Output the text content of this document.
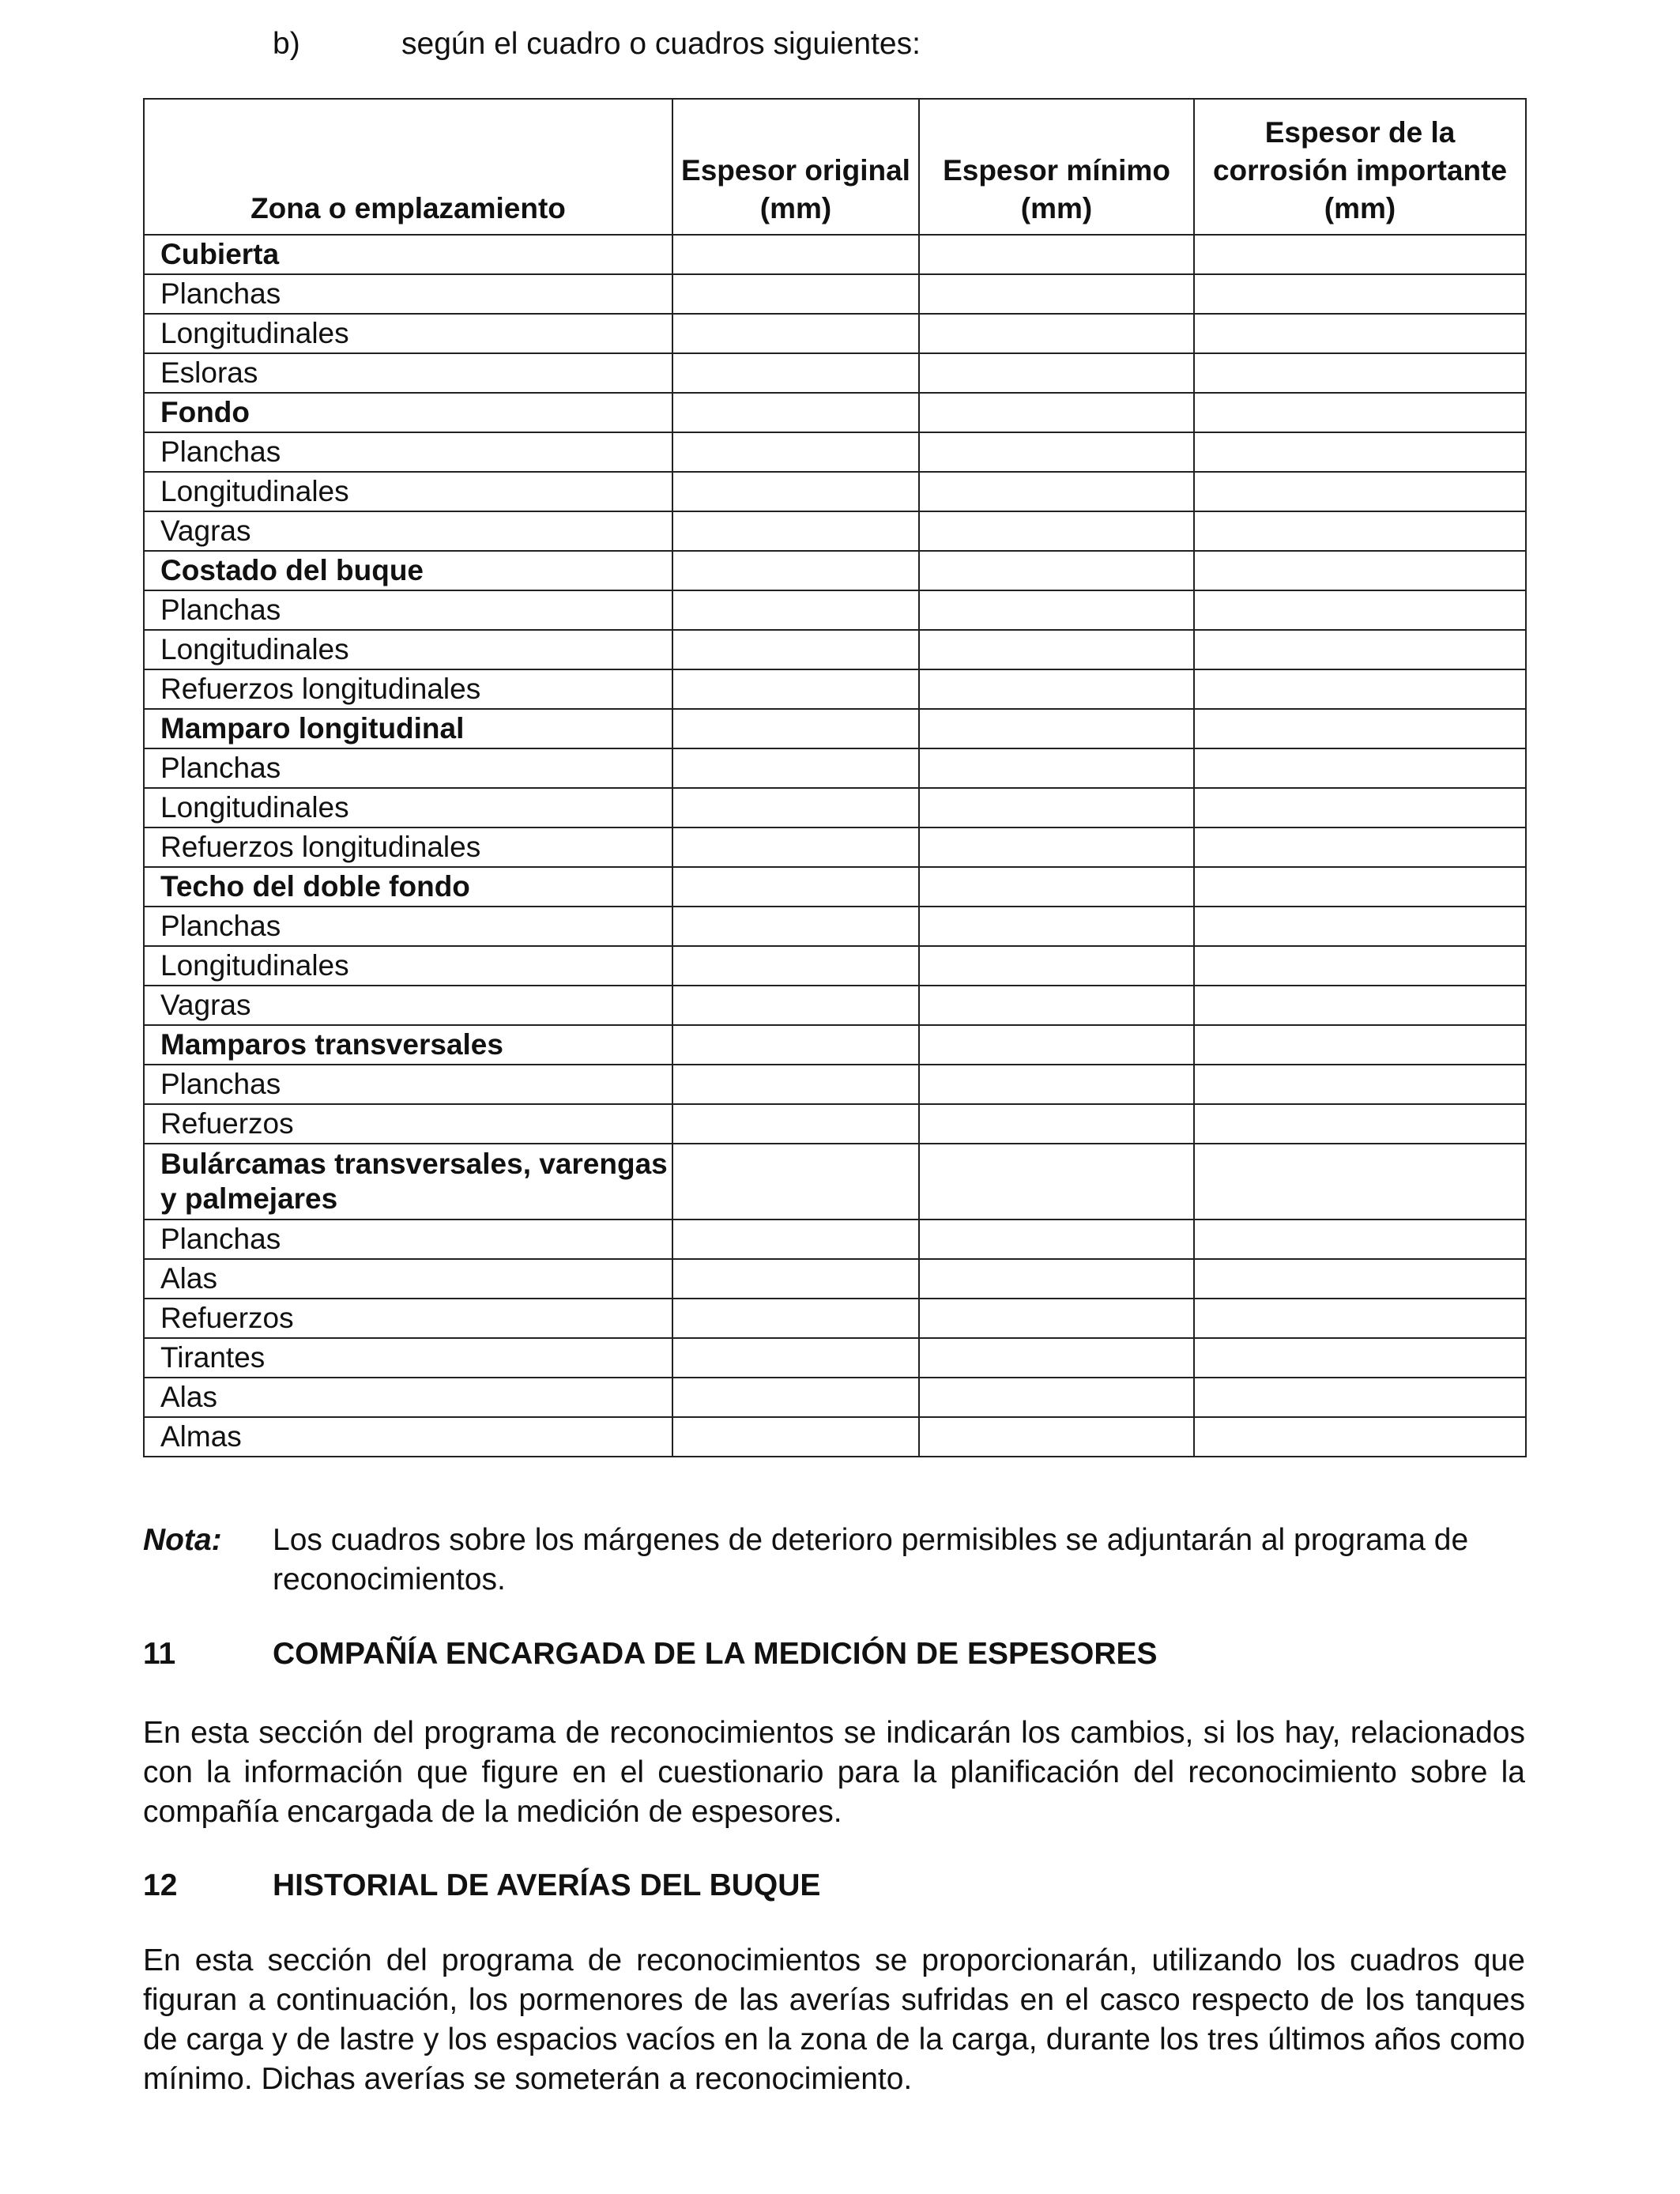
b)	según el cuadro o cuadros siguientes:
Zona o emplazamiento	Espesor original (mm)	Espesor mínimo (mm)	Espesor de la corrosión importante (mm)
Cubierta			
Planchas			
Longitudinales			
Esloras			
Fondo			
Planchas			
Longitudinales			
Vagras			
Costado del buque			
Planchas			
Longitudinales			
Refuerzos longitudinales			
Mamparo longitudinal			
Planchas			
Longitudinales			
Refuerzos longitudinales			
Techo del doble fondo			
Planchas			
Longitudinales			
Vagras			
Mamparos transversales			
Planchas			
Refuerzos			
Bulárcamas transversales, varengas y palmejares			
Planchas			
Alas			
Refuerzos			
Tirantes			
Alas			
Almas			
Nota: Los cuadros sobre los márgenes de deterioro permisibles se adjuntarán al programa de reconocimientos.
11	COMPAÑÍA ENCARGADA DE LA MEDICIÓN DE ESPESORES
En esta sección del programa de reconocimientos se indicarán los cambios, si los hay, relacionados con la información que figure en el cuestionario para la planificación del reconocimiento sobre la compañía encargada de la medición de espesores.
12	HISTORIAL DE AVERÍAS DEL BUQUE
En esta sección del programa de reconocimientos se proporcionarán, utilizando los cuadros que figuran a continuación, los pormenores de las averías sufridas en el casco respecto de los tanques de carga y de lastre y los espacios vacíos en la zona de la carga, durante los tres últimos años como mínimo. Dichas averías se someterán a reconocimiento.
